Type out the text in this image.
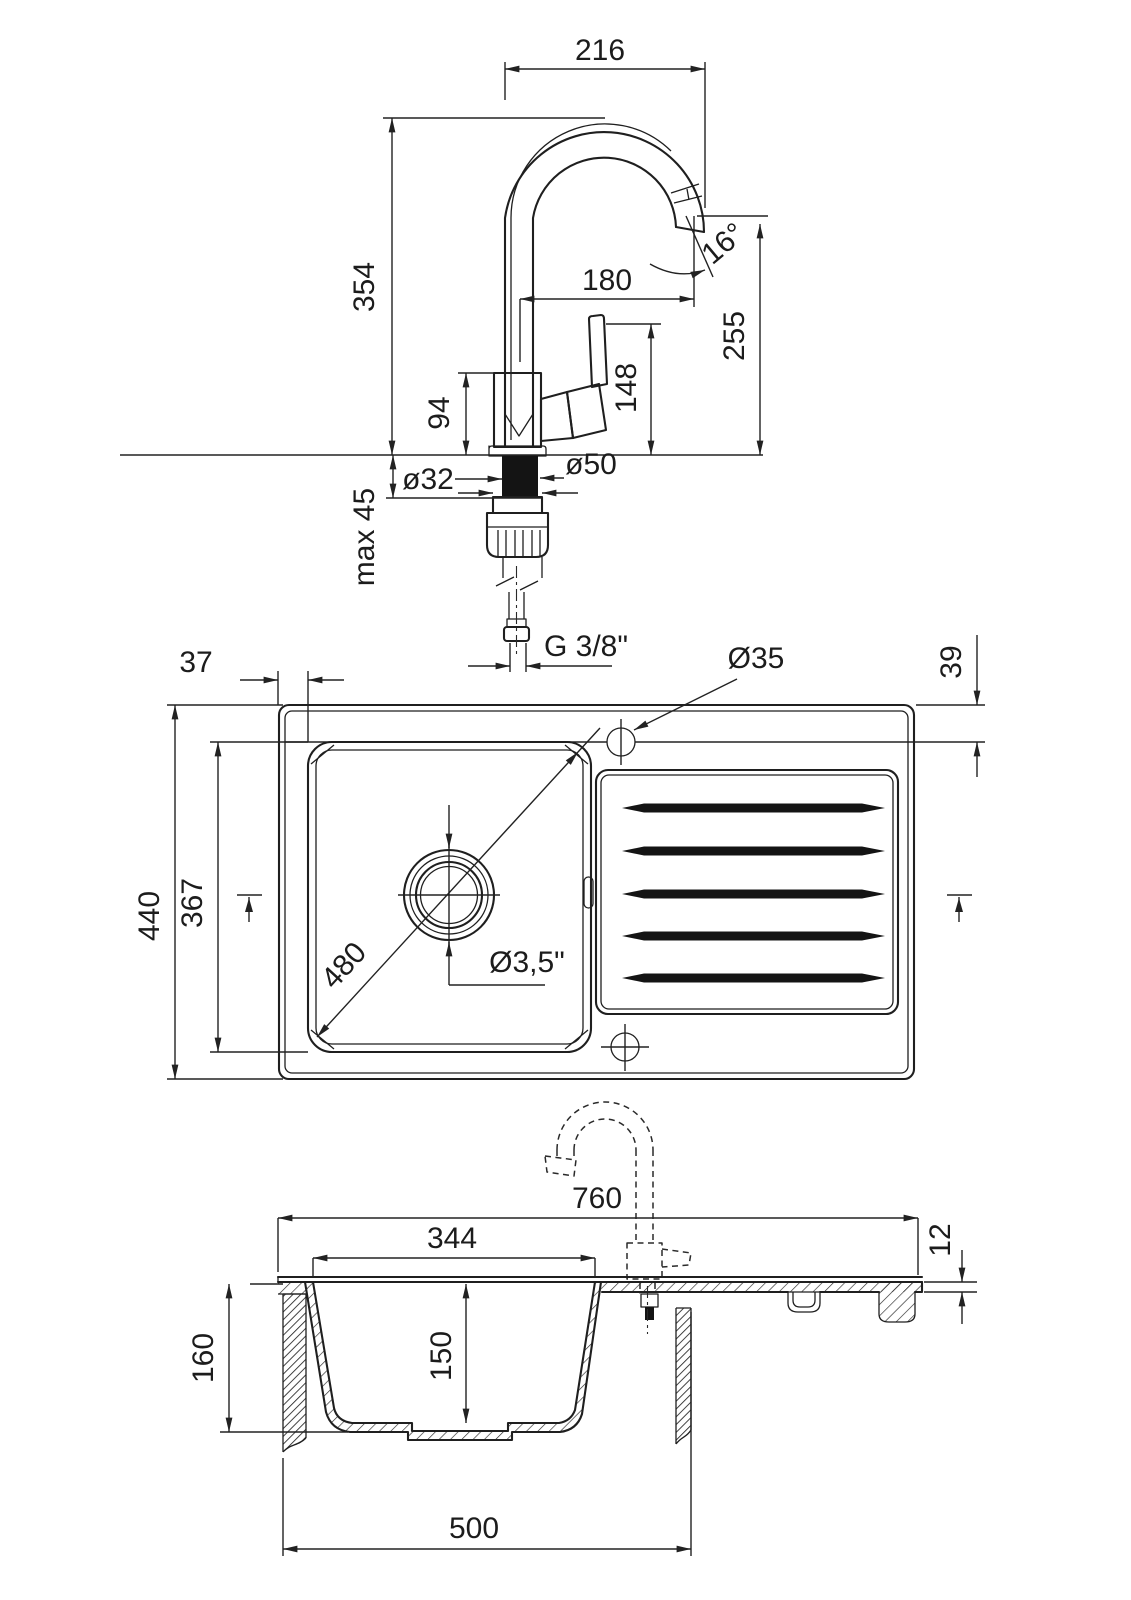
216
354
16°
180
255
148
94
max 45
ø32	ø50
G 3/8"
37	39
Ø35
440 367
480	Ø3,5"
760
344	12
160	150
500
